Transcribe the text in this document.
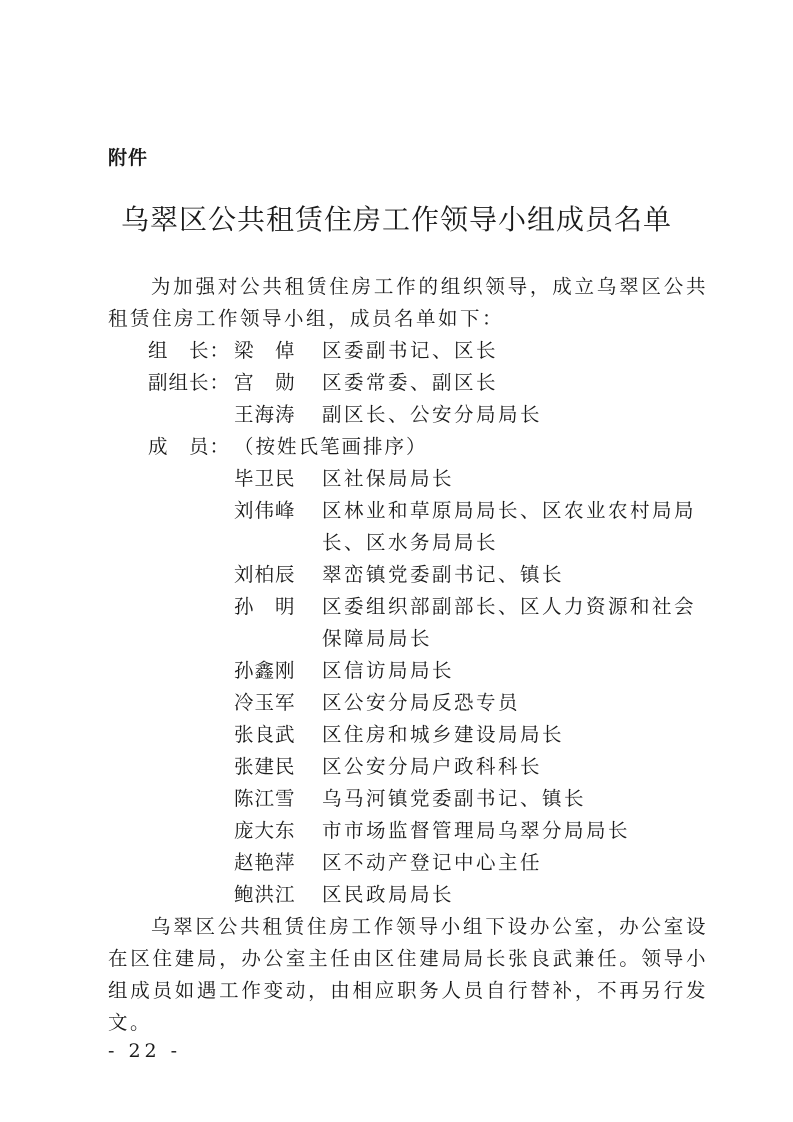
附件
乌翠区公共租赁住房工作领导小组成员名单

为加强对公共租赁住房工作的组织领导，成立乌翠区公共租赁住房工作领导小组，成员名单如下：

组　长： 梁　倬	区委副书记、区长
副组长： 宫　勋	区委常委、副区长
王海涛	副区长、公安分局局长
成　员： （按姓氏笔画排序）
毕卫民	区社保局局长
刘伟峰	区林业和草原局局长、区农业农村局局长、区水务局局长
刘柏辰	翠峦镇党委副书记、镇长
孙　明	区委组织部副部长、区人力资源和社会保障局局长
孙鑫刚	区信访局局长
冷玉军	区公安分局反恐专员
张良武	区住房和城乡建设局局长
张建民	区公安分局户政科科长
陈江雪	乌马河镇党委副书记、镇长
庞大东	市市场监督管理局乌翠分局局长
赵艳萍	区不动产登记中心主任
鲍洪江	区民政局局长

乌翠区公共租赁住房工作领导小组下设办公室，办公室设在区住建局，办公室主任由区住建局局长张良武兼任。领导小组成员如遇工作变动，由相应职务人员自行替补，不再另行发文。

- 22 -
